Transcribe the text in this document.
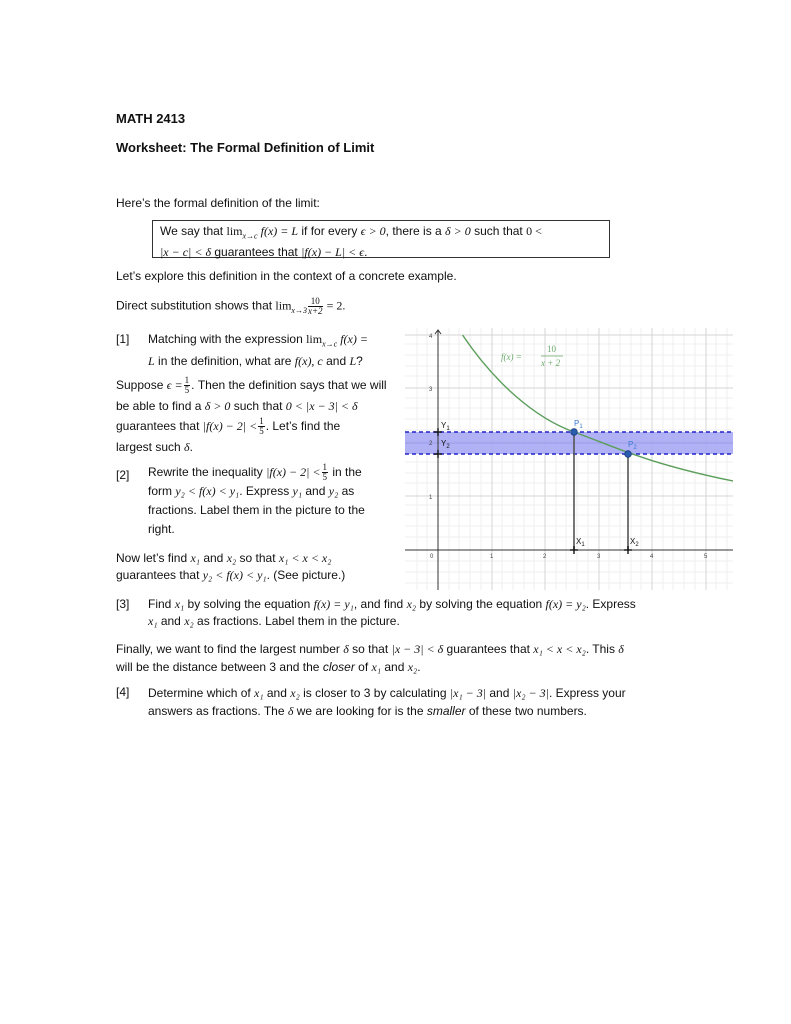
MATH 2413
Worksheet: The Formal Definition of Limit
Here’s the formal definition of the limit:
We say that $\lim_{x\to c} f(x) = L$ if for every ϵ > 0, there is a δ > 0 such that 0 <
|x − c| < δ guarantees that |f(x) − L| < ϵ.
Let’s explore this definition in the context of a concrete example.
Direct substitution shows that $\lim_{x\to 3} \frac{10}{x+2} = 2$.
[1] Matching with the expression $\lim_{x\to c} f(x)$ =
L in the definition, what are f(x), c and L?
Suppose $\epsilon = \frac{1}{5}$ . Then the definition says that we will
be able to find a δ > 0 such that 0 < |x − 3| < δ
guarantees that $|f(x) - 2| < \frac{1}{5}$ . Let’s find the
largest such δ.
[2] Rewrite the inequality $|f(x) - 2| < \frac{1}{5}$ in the
form y₂ < f(x) < y₁. Express y₁ and y₂ as
fractions. Label them in the picture to the
right.
Now let’s find x₁ and x₂ so that x₁ < x < x₂
guarantees that y₂ < f(x) < y₁. (See picture.)
[3] Find x₁ by solving the equation f(x) = y₁, and find x₂ by solving the equation f(x) = y₂. Express
x₁ and x₂ as fractions. Label them in the picture.
Finally, we want to find the largest number δ so that |x − 3| < δ guarantees that x₁ < x < x₂. This δ
will be the distance between 3 and the closer of x₁ and x₂.
[4] Determine which of x₁ and x₂ is closer to 3 by calculating |x₁ − 3| and |x₂ − 3|. Express your
answers as fractions. The δ we are looking for is the smaller of these two numbers.
0	1	2	3	4	5
1
2
3
4
f(x) =
10
x + 2
$Y_1$
$Y_2$
$P_1$
$P_2$
$X_1$	$X_2$
